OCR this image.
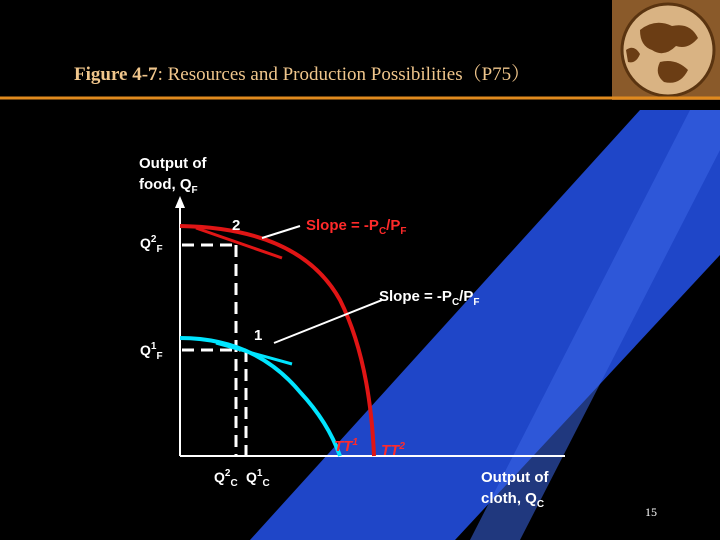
Figure 4-7: Resources and Production Possibilities（P75）
Output of food, $Q_F$
Output of cloth, $Q_C$
$Q^2_F$
$Q^1_F$
$Q^2_C$ $Q^1_C$
2
1
Slope = $-P_C/P_F$
Slope = $-P_C/P_F$
$TT^1$ $TT^2$
15
